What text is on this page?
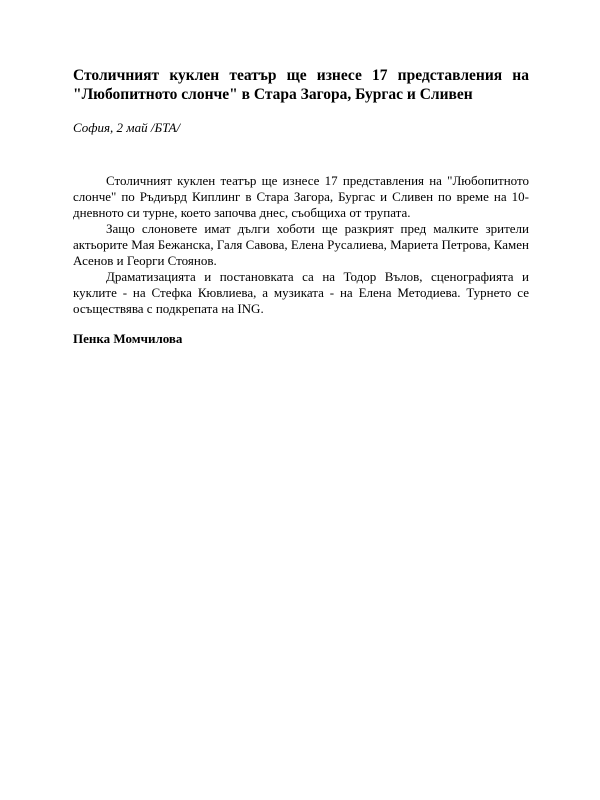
Столичният куклен театър ще изнесе 17 представления на "Любопитното слонче" в Стара Загора, Бургас и Сливен

София, 2 май /БТА/

Столичният куклен театър ще изнесе 17 представления на "Любопитното слонче" по Ръдиърд Киплинг в Стара Загора, Бургас и Сливен по време на 10-дневното си турне, което започва днес, съобщиха от трупата.

Защо слоновете имат дълги хоботи ще разкрият пред малките зрители актьорите Мая Бежанска, Галя Савова, Елена Русалиева, Мариета Петрова, Камен Асенов и Георги Стоянов.

Драматизацията и постановката са на Тодор Вълов, сценографията и куклите - на Стефка Кювлиева, а музиката - на Елена Методиева. Турнето се осъществява с подкрепата на ING.

Пенка Момчилова
